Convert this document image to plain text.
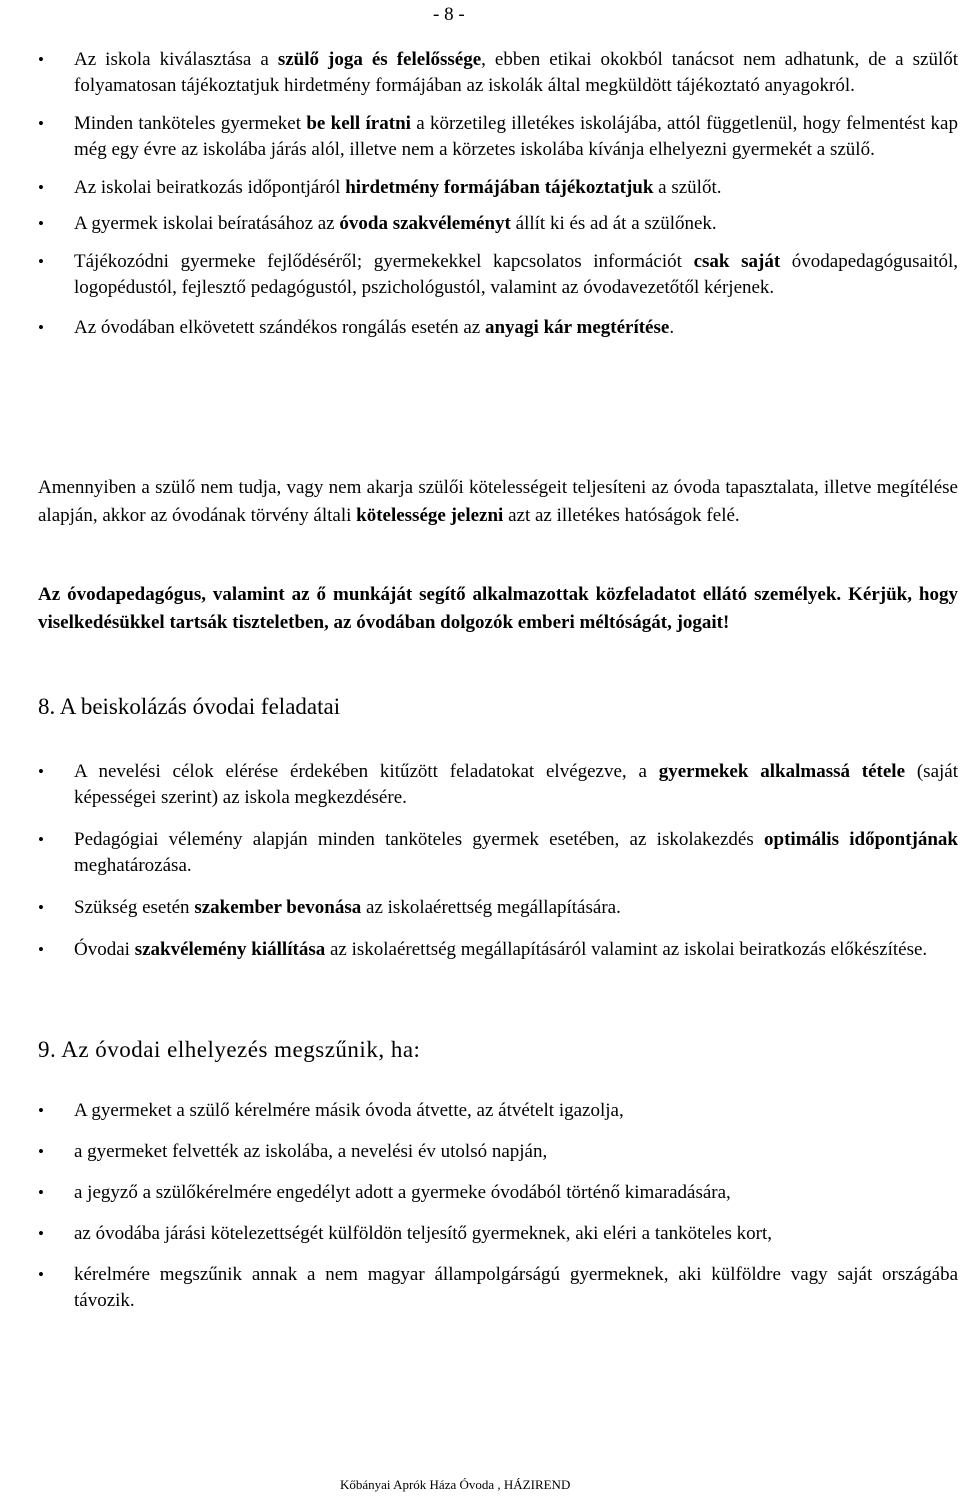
- 8 -
• Az iskola kiválasztása a szülő joga és felelőssége, ebben etikai okokból tanácsot nem adhatunk, de a szülőt folyamatosan tájékoztatjuk hirdetmény formájában az iskolák által megküldött tájékoztató anyagokról.
• Minden tanköteles gyermeket be kell íratni a körzetileg illetékes iskolájába, attól függetlenül, hogy felmentést kap még egy évre az iskolába járás alól, illetve nem a körzetes iskolába kívánja elhelyezni gyermekét a szülő.
• Az iskolai beiratkozás időpontjáról hirdetmény formájában tájékoztatjuk a szülőt.
• A gyermek iskolai beíratásához az óvoda szakvéleményt állít ki és ad át a szülőnek.
• Tájékozódni gyermeke fejlődéséről; gyermekekkel kapcsolatos információt csak saját óvodapedagógusaitól, logopédustól, fejlesztő pedagógustól, pszichológustól, valamint az óvodavezetőtől kérjenek.
• Az óvodában elkövetett szándékos rongálás esetén az anyagi kár megtérítése.

Amennyiben a szülő nem tudja, vagy nem akarja szülői kötelességeit teljesíteni az óvoda tapasztalata, illetve megítélése alapján, akkor az óvodának törvény általi kötelessége jelezni azt az illetékes hatóságok felé.

Az óvodapedagógus, valamint az ő munkáját segítő alkalmazottak közfeladatot ellátó személyek. Kérjük, hogy viselkedésükkel tartsák tiszteletben, az óvodában dolgozók emberi méltóságát, jogait!

8. A beiskolázás óvodai feladatai
• A nevelési célok elérése érdekében kitűzött feladatokat elvégezve, a gyermekek alkalmassá tétele (saját képességei szerint) az iskola megkezdésére.
• Pedagógiai vélemény alapján minden tanköteles gyermek esetében, az iskolakezdés optimális időpontjának meghatározása.
• Szükség esetén szakember bevonása az iskolaérettség megállapítására.
• Óvodai szakvélemény kiállítása az iskolaérettség megállapításáról valamint az iskolai beiratkozás előkészítése.
9. Az óvodai elhelyezés megszűnik, ha:
• A gyermeket a szülő kérelmére másik óvoda átvette, az átvételt igazolja,
• a gyermeket felvették az iskolába, a nevelési év utolsó napján,
• a jegyző a szülőkérelmére engedélyt adott a gyermeke óvodából történő kimaradására,
• az óvodába járási kötelezettségét külföldön teljesítő gyermeknek, aki eléri a tanköteles kort,
• kérelmére megszűnik annak a nem magyar állampolgárságú gyermeknek, aki külföldre vagy saját országába távozik.
Kőbányai Aprók Háza Óvoda , HÁZIREND
